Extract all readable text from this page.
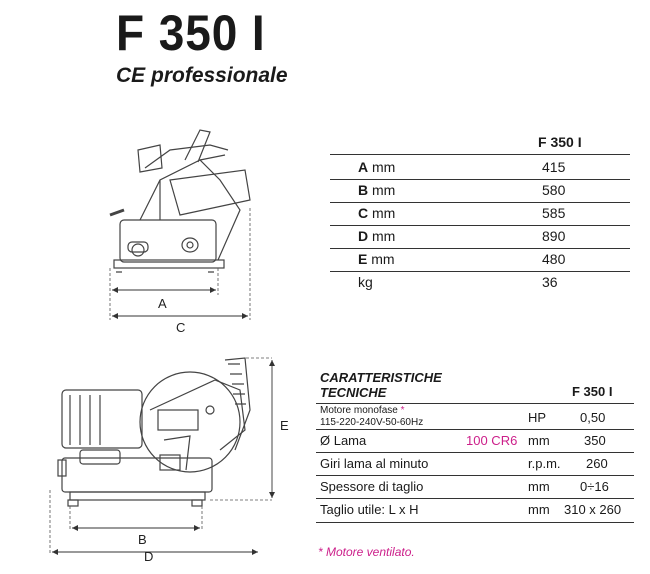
F 350 I
CE professionale
A
C
E
B
D
F 350 I
A mm	415
B mm	580
C mm	585
D mm	890
E mm	480
kg	36
CARATTERISTICHE
TECNICHE	F 350 I
Motore monofase *
115-220-240V-50-60Hz	HP	0,50
Ø Lama	100 CR6 mm	350
Giri lama al minuto	r.p.m. 260
Spessore di taglio	mm 0÷16
Taglio utile: L x H	mm 310 x 260
* Motore ventilato.
